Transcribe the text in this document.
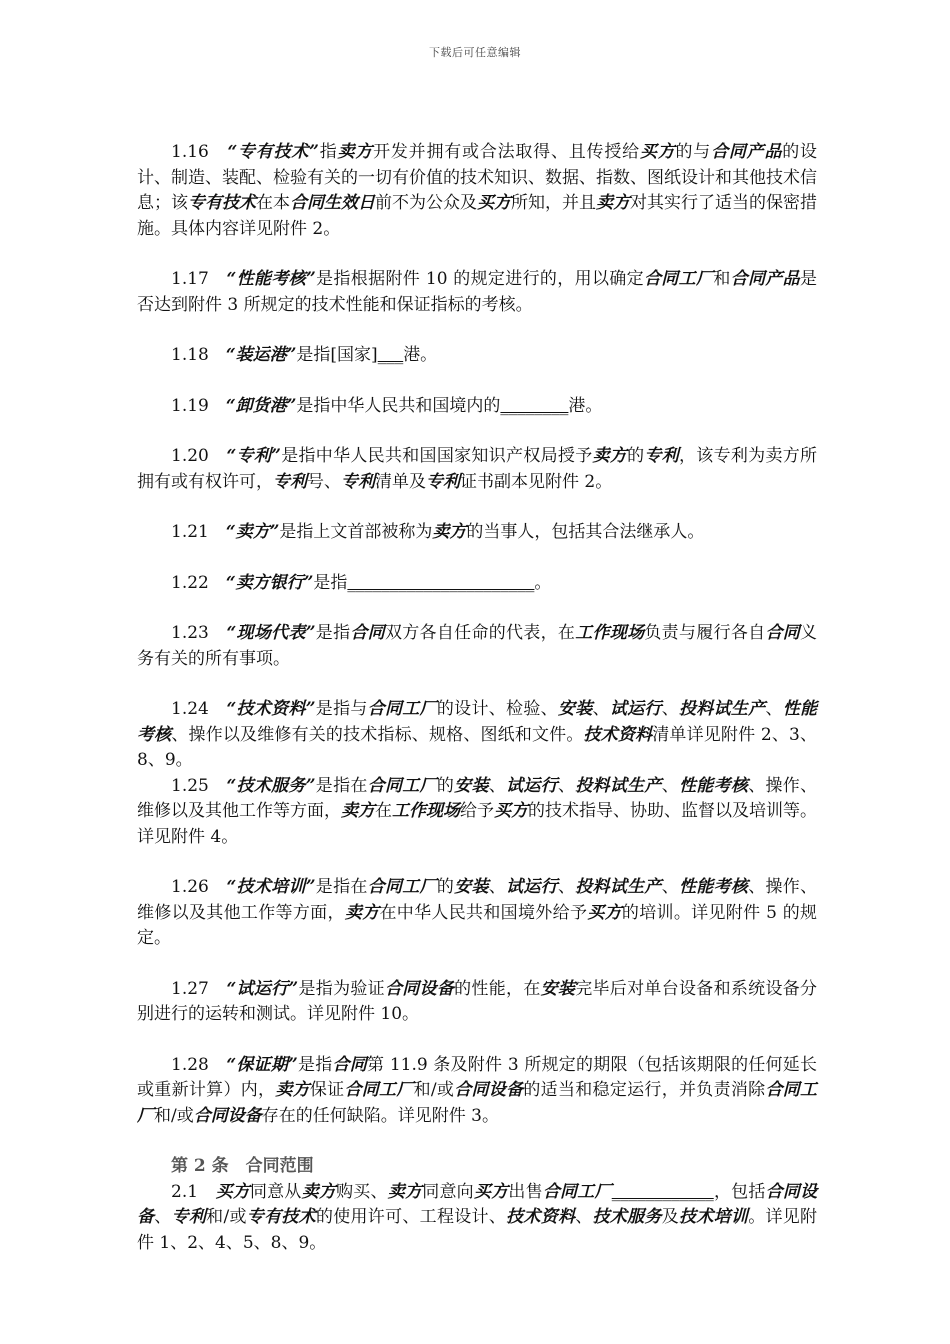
下载后可任意编辑

1.16　“专有技术”指卖方开发并拥有或合法取得、且传授给买方的与合同产品的设计、制造、装配、检验有关的一切有价值的技术知识、数据、指数、图纸设计和其他技术信息；该专有技术在本合同生效日前不为公众及买方所知，并且卖方对其实行了适当的保密措施。具体内容详见附件 2。

1.17　“性能考核”是指根据附件 10 的规定进行的，用以确定合同工厂和合同产品是否达到附件 3 所规定的技术性能和保证指标的考核。

1.18　“装运港”是指[国家]___港。

1.19　“卸货港”是指中华人民共和国境内的________港。

1.20　“专利”是指中华人民共和国国家知识产权局授予卖方的专利，该专利为卖方所拥有或有权许可，专利号、专利清单及专利证书副本见附件 2。

1.21　“卖方”是指上文首部被称为卖方的当事人，包括其合法继承人。

1.22　“卖方银行”是指______________________。

1.23　“现场代表”是指合同双方各自任命的代表，在工作现场负责与履行各自合同义务有关的所有事项。

1.24　“技术资料”是指与合同工厂的设计、检验、安装、试运行、投料试生产、性能考核、操作以及维修有关的技术指标、规格、图纸和文件。技术资料清单详见附件 2、3、8、9。

1.25　“技术服务”是指在合同工厂的安装、试运行、投料试生产、性能考核、操作、维修以及其他工作等方面，卖方在工作现场给予买方的技术指导、协助、监督以及培训等。详见附件 4。

1.26　“技术培训”是指在合同工厂的安装、试运行、投料试生产、性能考核、操作、维修以及其他工作等方面，卖方在中华人民共和国境外给予买方的培训。详见附件 5 的规定。

1.27　“试运行”是指为验证合同设备的性能，在安装完毕后对单台设备和系统设备分别进行的运转和测试。详见附件 10。

1.28　“保证期”是指合同第 11.9 条及附件 3 所规定的期限（包括该期限的任何延长或重新计算）内，卖方保证合同工厂和/或合同设备的适当和稳定运行，并负责消除合同工厂和/或合同设备存在的任何缺陷。详见附件 3。

第 2 条　合同范围

2.1　买方同意从卖方购买、卖方同意向买方出售合同工厂____________，包括合同设备、专利和/或专有技术的使用许可、工程设计、技术资料、技术服务及技术培训。详见附件 1、2、4、5、8、9。
